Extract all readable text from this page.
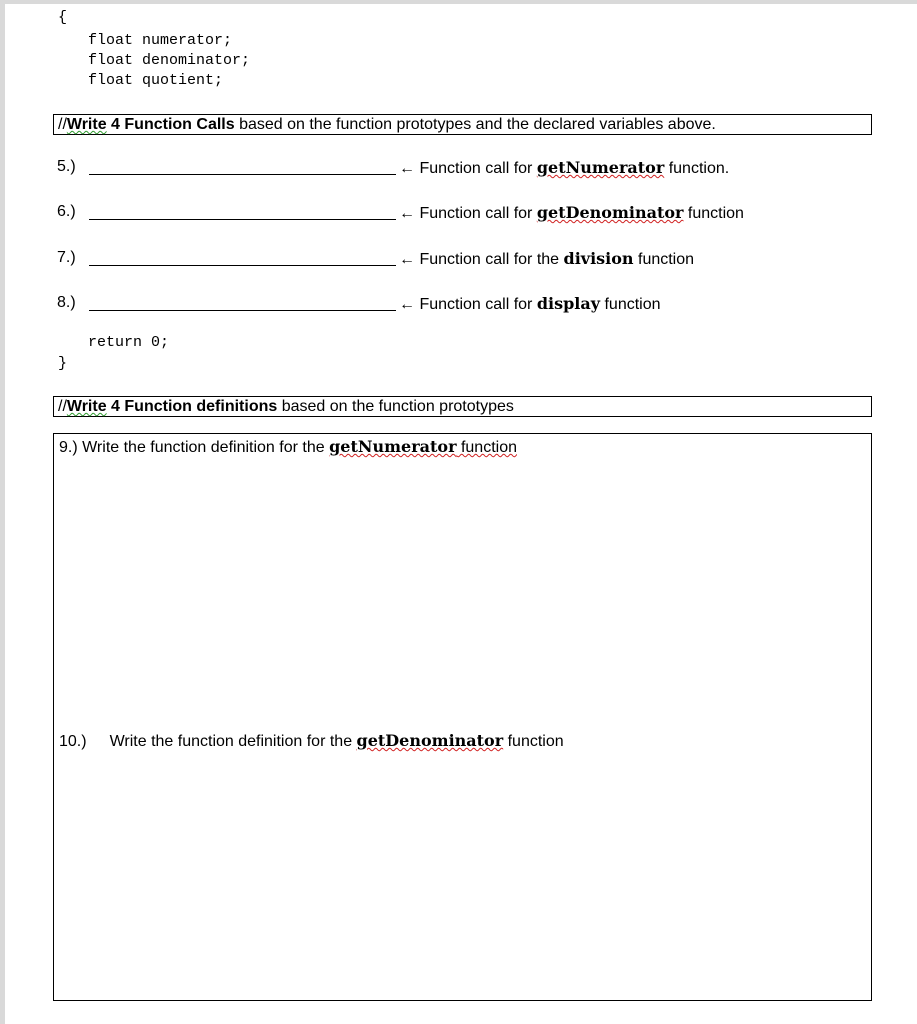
{
float numerator;
float denominator;
float quotient;
//Write 4 Function Calls based on the function prototypes and the declared variables above.
5.)	← Function call for getNumerator function.
6.)	← Function call for getDenominator function
7.)	← Function call for the division function
8.)	← Function call for display function
return 0;
}
//Write 4 Function definitions based on the function prototypes
9.) Write the function definition for the getNumerator function
10.) Write the function definition for the getDenominator function
